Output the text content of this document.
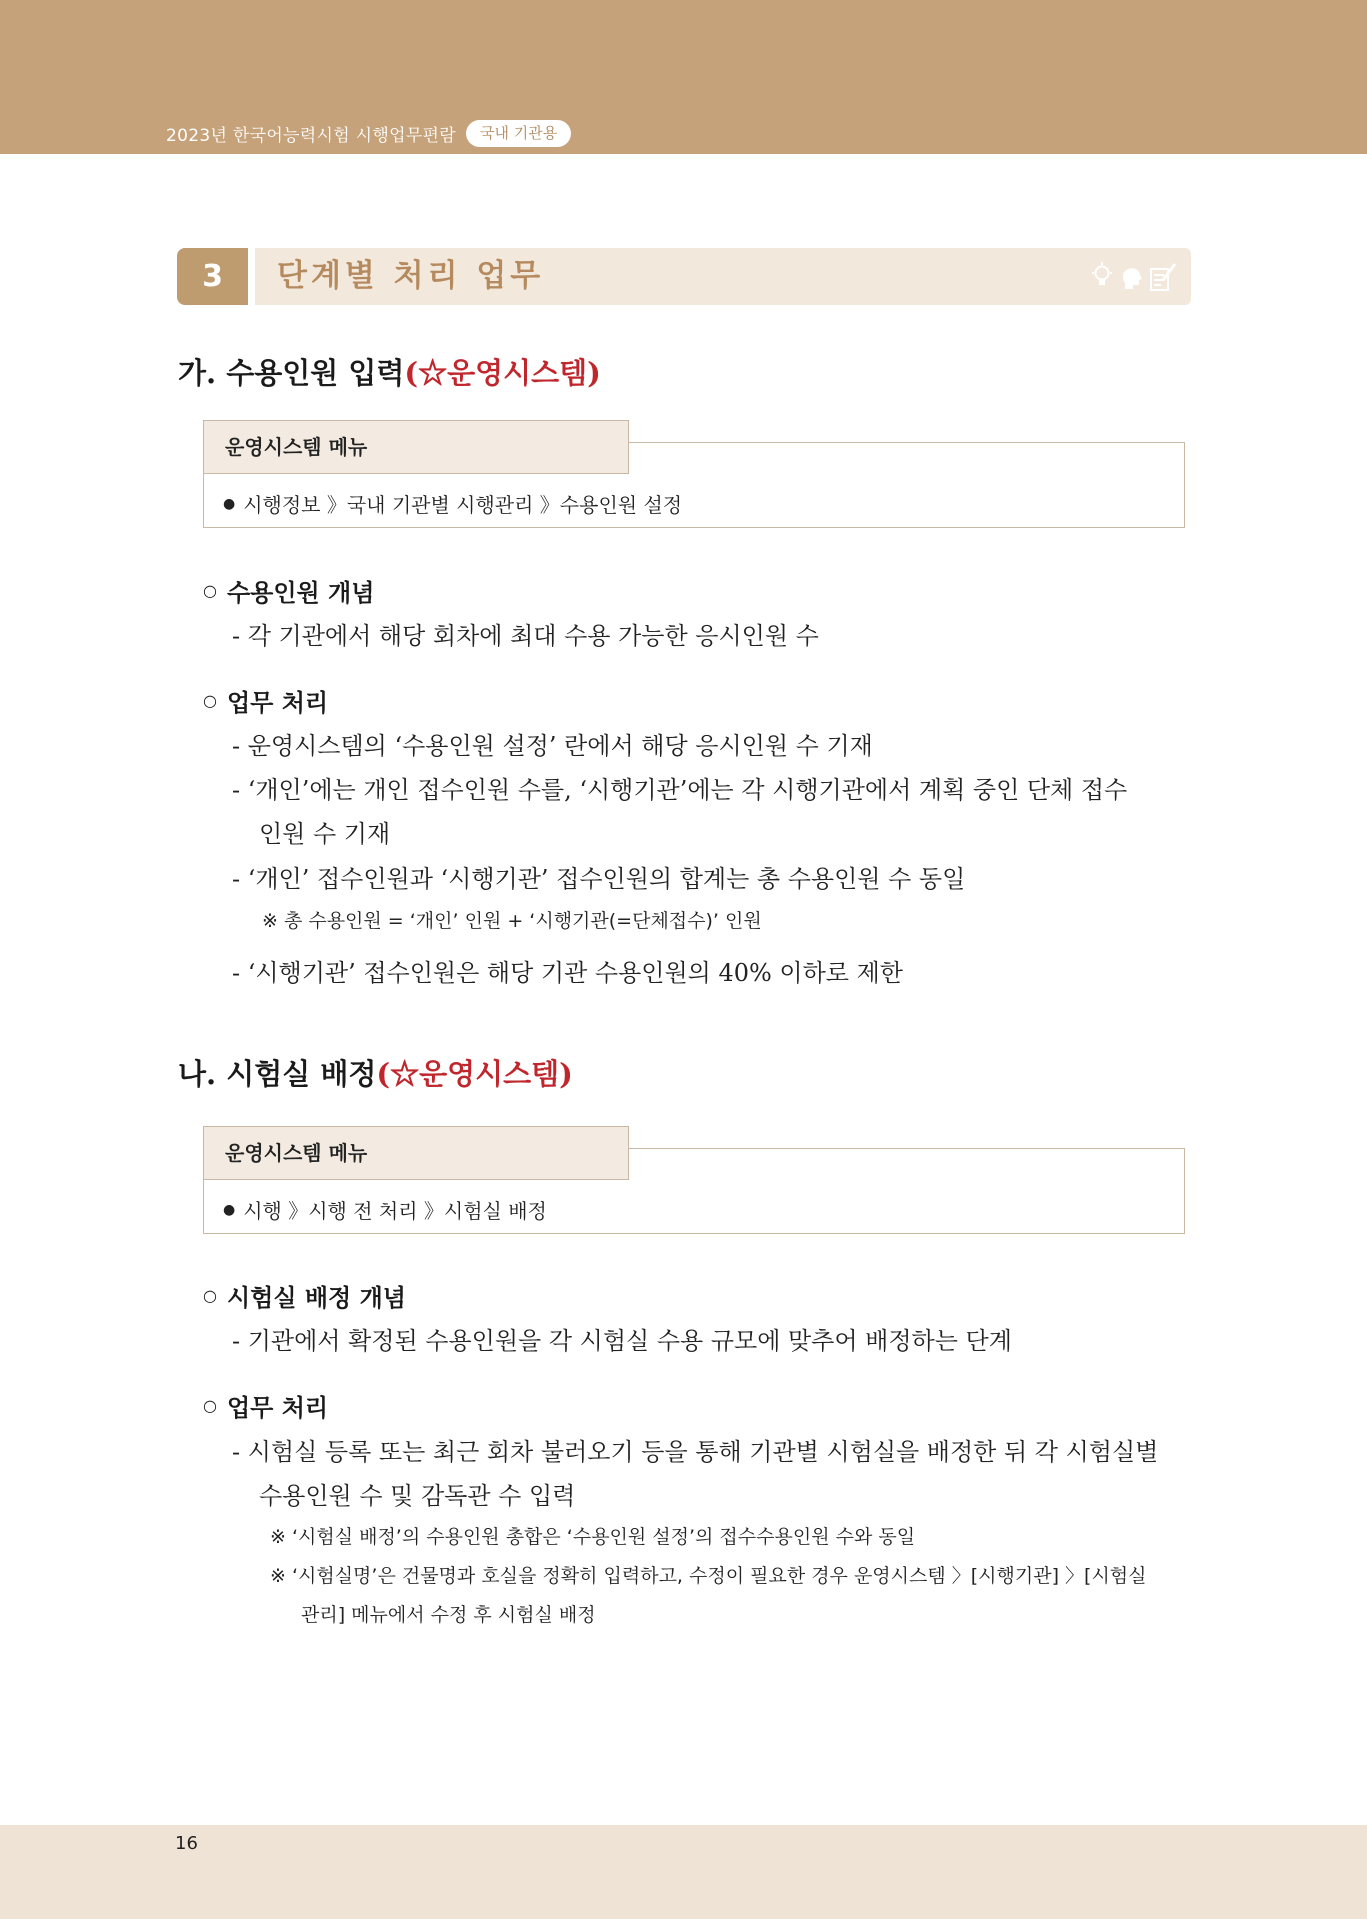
2023년 한국어능력시험 시행업무편람	국내 기관용
3	단계별 처리 업무
가. 수용인원 입력(☆운영시스템)
운영시스템 메뉴
● 시행정보 》국내 기관별 시행관리 》수용인원 설정
○ 수용인원 개념
- 각 기관에서 해당 회차에 최대 수용 가능한 응시인원 수
○ 업무 처리
- 운영시스템의 ‘수용인원 설정’ 란에서 해당 응시인원 수 기재
- ‘개인’에는 개인 접수인원 수를, ‘시행기관’에는 각 시행기관에서 계획 중인 단체 접수
인원 수 기재
- ‘개인’ 접수인원과 ‘시행기관’ 접수인원의 합계는 총 수용인원 수 동일
※ 총 수용인원 = ‘개인’ 인원 + ‘시행기관(=단체접수)’ 인원
- ‘시행기관’ 접수인원은 해당 기관 수용인원의 40% 이하로 제한
나. 시험실 배정(☆운영시스템)
운영시스템 메뉴
● 시행 》시행 전 처리 》시험실 배정
○ 시험실 배정 개념
- 기관에서 확정된 수용인원을 각 시험실 수용 규모에 맞추어 배정하는 단계
○ 업무 처리
- 시험실 등록 또는 최근 회차 불러오기 등을 통해 기관별 시험실을 배정한 뒤 각 시험실별
수용인원 수 및 감독관 수 입력
※ ‘시험실 배정’의 수용인원 총합은 ‘수용인원 설정’의 접수수용인원 수와 동일
※ ‘시험실명’은 건물명과 호실을 정확히 입력하고, 수정이 필요한 경우 운영시스템 〉[시행기관] 〉[시험실
관리] 메뉴에서 수정 후 시험실 배정
16
